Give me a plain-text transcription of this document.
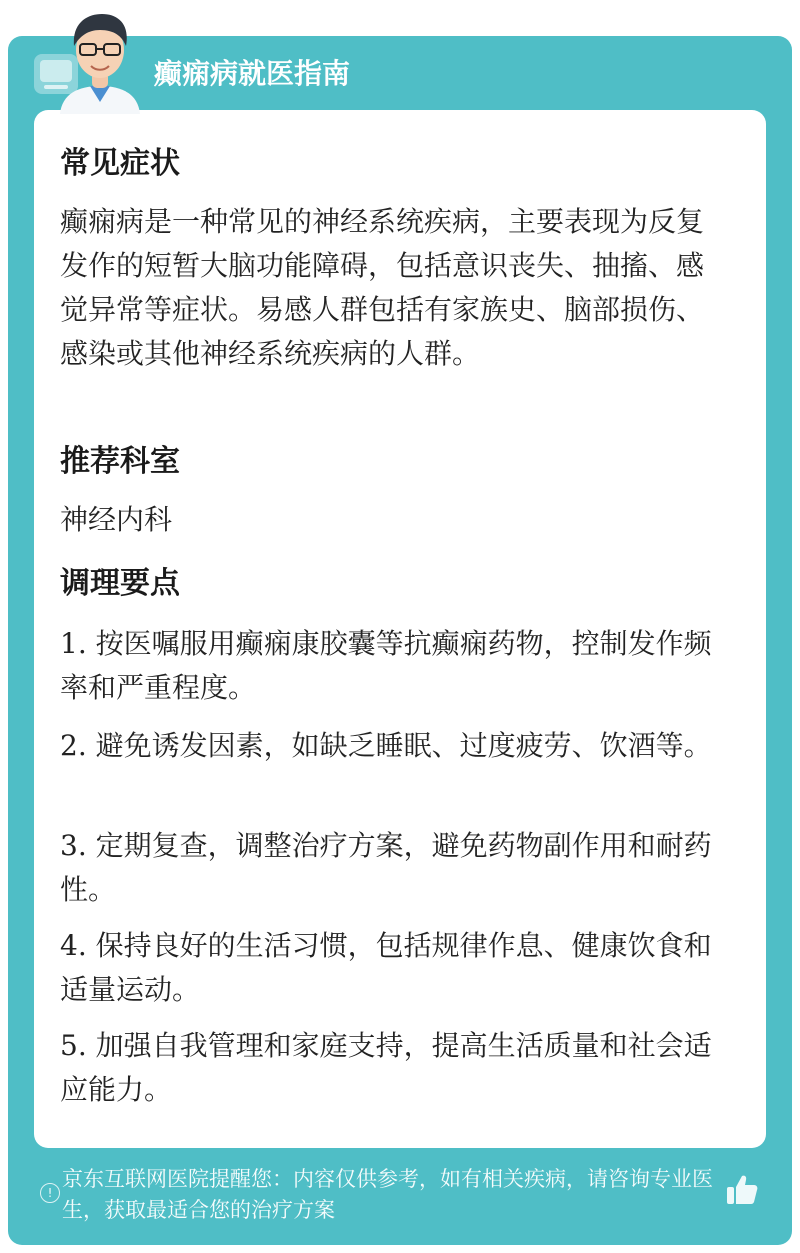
癫痫病就医指南
常见症状
癫痫病是一种常见的神经系统疾病，主要表现为反复发作的短暂大脑功能障碍，包括意识丧失、抽搐、感觉异常等症状。易感人群包括有家族史、脑部损伤、感染或其他神经系统疾病的人群。
推荐科室
神经内科
调理要点
1. 按医嘱服用癫痫康胶囊等抗癫痫药物，控制发作频率和严重程度。
2. 避免诱发因素，如缺乏睡眠、过度疲劳、饮酒等。
3. 定期复查，调整治疗方案，避免药物副作用和耐药性。
4. 保持良好的生活习惯，包括规律作息、健康饮食和适量运动。
5. 加强自我管理和家庭支持，提高生活质量和社会适应能力。
!
京东互联网医院提醒您：内容仅供参考，如有相关疾病，请咨询专业医生，获取最适合您的治疗方案
